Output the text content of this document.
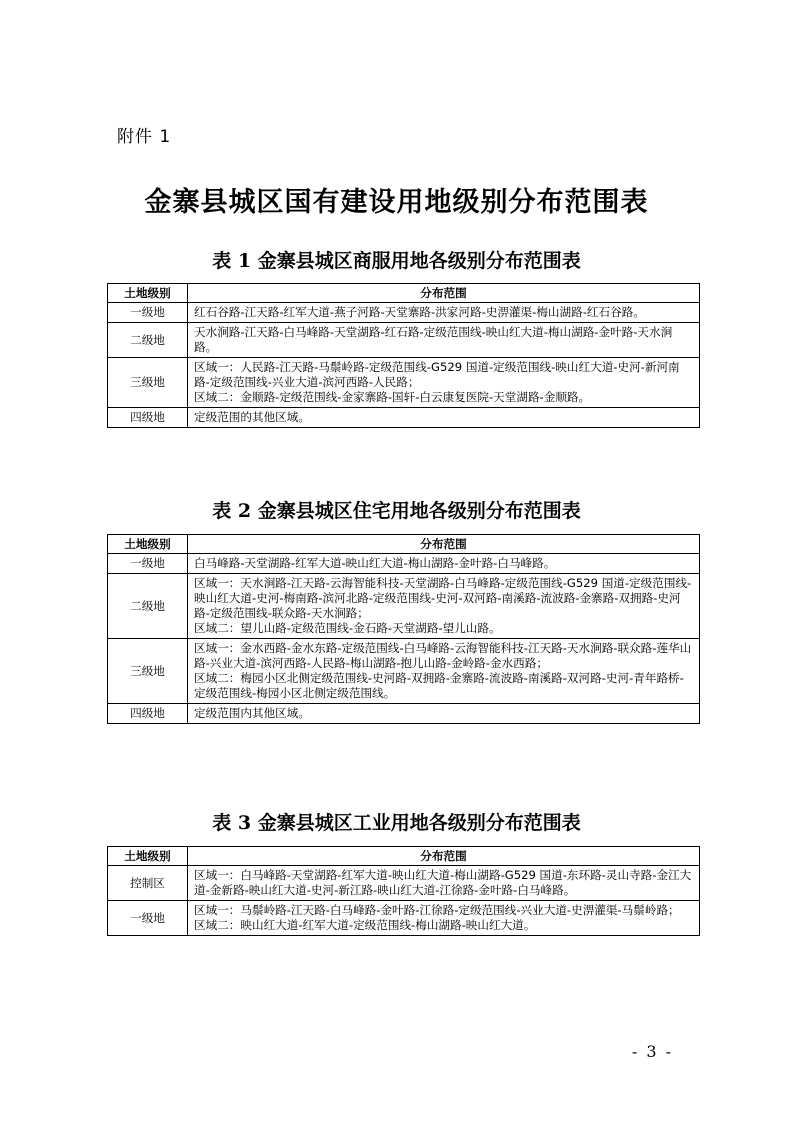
附件 1
金寨县城区国有建设用地级别分布范围表
表 1 金寨县城区商服用地各级别分布范围表
土地级别	分布范围
一级地	红石谷路-江天路-红军大道-燕子河路-天堂寨路-洪家河路-史淠灌渠-梅山湖路-红石谷路。

二级地	天水涧路-江天路-白马峰路-天堂湖路-红石路-定级范围线-映山红大道-梅山湖路-金叶路-天水涧路。

三级地	区域一：人民路-江天路-马鬃岭路-定级范围线-G529 国道-定级范围线-映山红大道-史河-新河南路-定级范围线-兴业大道-滨河西路-人民路；
区域二：金顺路-定级范围线-金家寨路-国轩-白云康复医院-天堂湖路-金顺路。

四级地	定级范围的其他区域。
表 2 金寨县城区住宅用地各级别分布范围表
土地级别	分布范围
一级地	白马峰路-天堂湖路-红军大道-映山红大道-梅山湖路-金叶路-白马峰路。

二级地	区域一：天水涧路-江天路-云海智能科技-天堂湖路-白马峰路-定级范围线-G529 国道-定级范围线-映山红大道-史河-梅南路-滨河北路-定级范围线-史河-双河路-南溪路-流波路-金寨路-双拥路-史河路-定级范围线-联众路-天水涧路；
区域二：望儿山路-定级范围线-金石路-天堂湖路-望儿山路。

三级地	区域一：金水西路-金水东路-定级范围线-白马峰路-云海智能科技-江天路-天水涧路-联众路-莲华山路-兴业大道-滨河西路-人民路-梅山湖路-抱儿山路-金岭路-金水西路；
区域二：梅园小区北侧定级范围线-史河路-双拥路-金寨路-流波路-南溪路-双河路-史河-青年路桥-定级范围线-梅园小区北侧定级范围线。

四级地	定级范围内其他区域。
表 3 金寨县城区工业用地各级别分布范围表
土地级别	分布范围
控制区	区域一：白马峰路-天堂湖路-红军大道-映山红大道-梅山湖路-G529 国道-东环路-灵山寺路-金江大道-金新路-映山红大道-史河-新江路-映山红大道-江徐路-金叶路-白马峰路。

一级地	区域一：马鬃岭路-江天路-白马峰路-金叶路-江徐路-定级范围线-兴业大道-史淠灌渠-马鬃岭路；
区域二：映山红大道-红军大道-定级范围线-梅山湖路-映山红大道。
- 3 -
